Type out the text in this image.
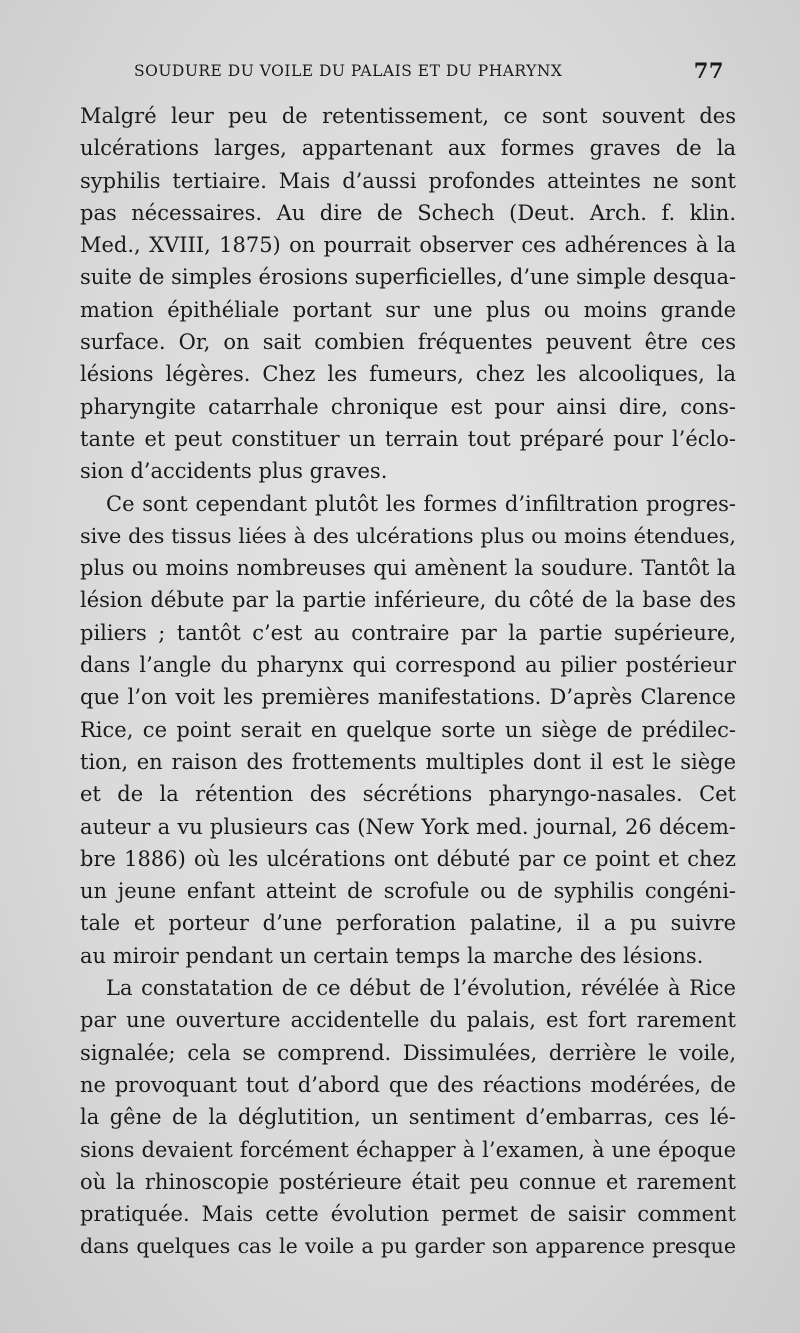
SOUDURE DU VOILE DU PALAIS ET DU PHARYNX	77
Malgré leur peu de retentissement, ce sont souvent des
ulcérations larges, appartenant aux formes graves de la
syphilis tertiaire. Mais d’aussi profondes atteintes ne sont
pas nécessaires. Au dire de Schech (Deut. Arch. f. klin.
Med., XVIII, 1875) on pourrait observer ces adhérences à la
suite de simples érosions superficielles, d’une simple desqua-
mation épithéliale portant sur une plus ou moins grande
surface. Or, on sait combien fréquentes peuvent être ces
lésions légères. Chez les fumeurs, chez les alcooliques, la
pharyngite catarrhale chronique est pour ainsi dire, cons-
tante et peut constituer un terrain tout préparé pour l’éclo-
sion d’accidents plus graves.
Ce sont cependant plutôt les formes d’infiltration progres-
sive des tissus liées à des ulcérations plus ou moins étendues,
plus ou moins nombreuses qui amènent la soudure. Tantôt la
lésion débute par la partie inférieure, du côté de la base des
piliers ; tantôt c’est au contraire par la partie supérieure,
dans l’angle du pharynx qui correspond au pilier postérieur
que l’on voit les premières manifestations. D’après Clarence
Rice, ce point serait en quelque sorte un siège de prédilec-
tion, en raison des frottements multiples dont il est le siège
et de la rétention des sécrétions pharyngo-nasales. Cet
auteur a vu plusieurs cas (New York med. journal, 26 décem-
bre 1886) où les ulcérations ont débuté par ce point et chez
un jeune enfant atteint de scrofule ou de syphilis congéni-
tale et porteur d’une perforation palatine, il a pu suivre
au miroir pendant un certain temps la marche des lésions.
La constatation de ce début de l’évolution, révélée à Rice
par une ouverture accidentelle du palais, est fort rarement
signalée; cela se comprend. Dissimulées, derrière le voile,
ne provoquant tout d’abord que des réactions modérées, de
la gêne de la déglutition, un sentiment d’embarras, ces lé-
sions devaient forcément échapper à l’examen, à une époque
où la rhinoscopie postérieure était peu connue et rarement
pratiquée. Mais cette évolution permet de saisir comment
dans quelques cas le voile a pu garder son apparence presque
